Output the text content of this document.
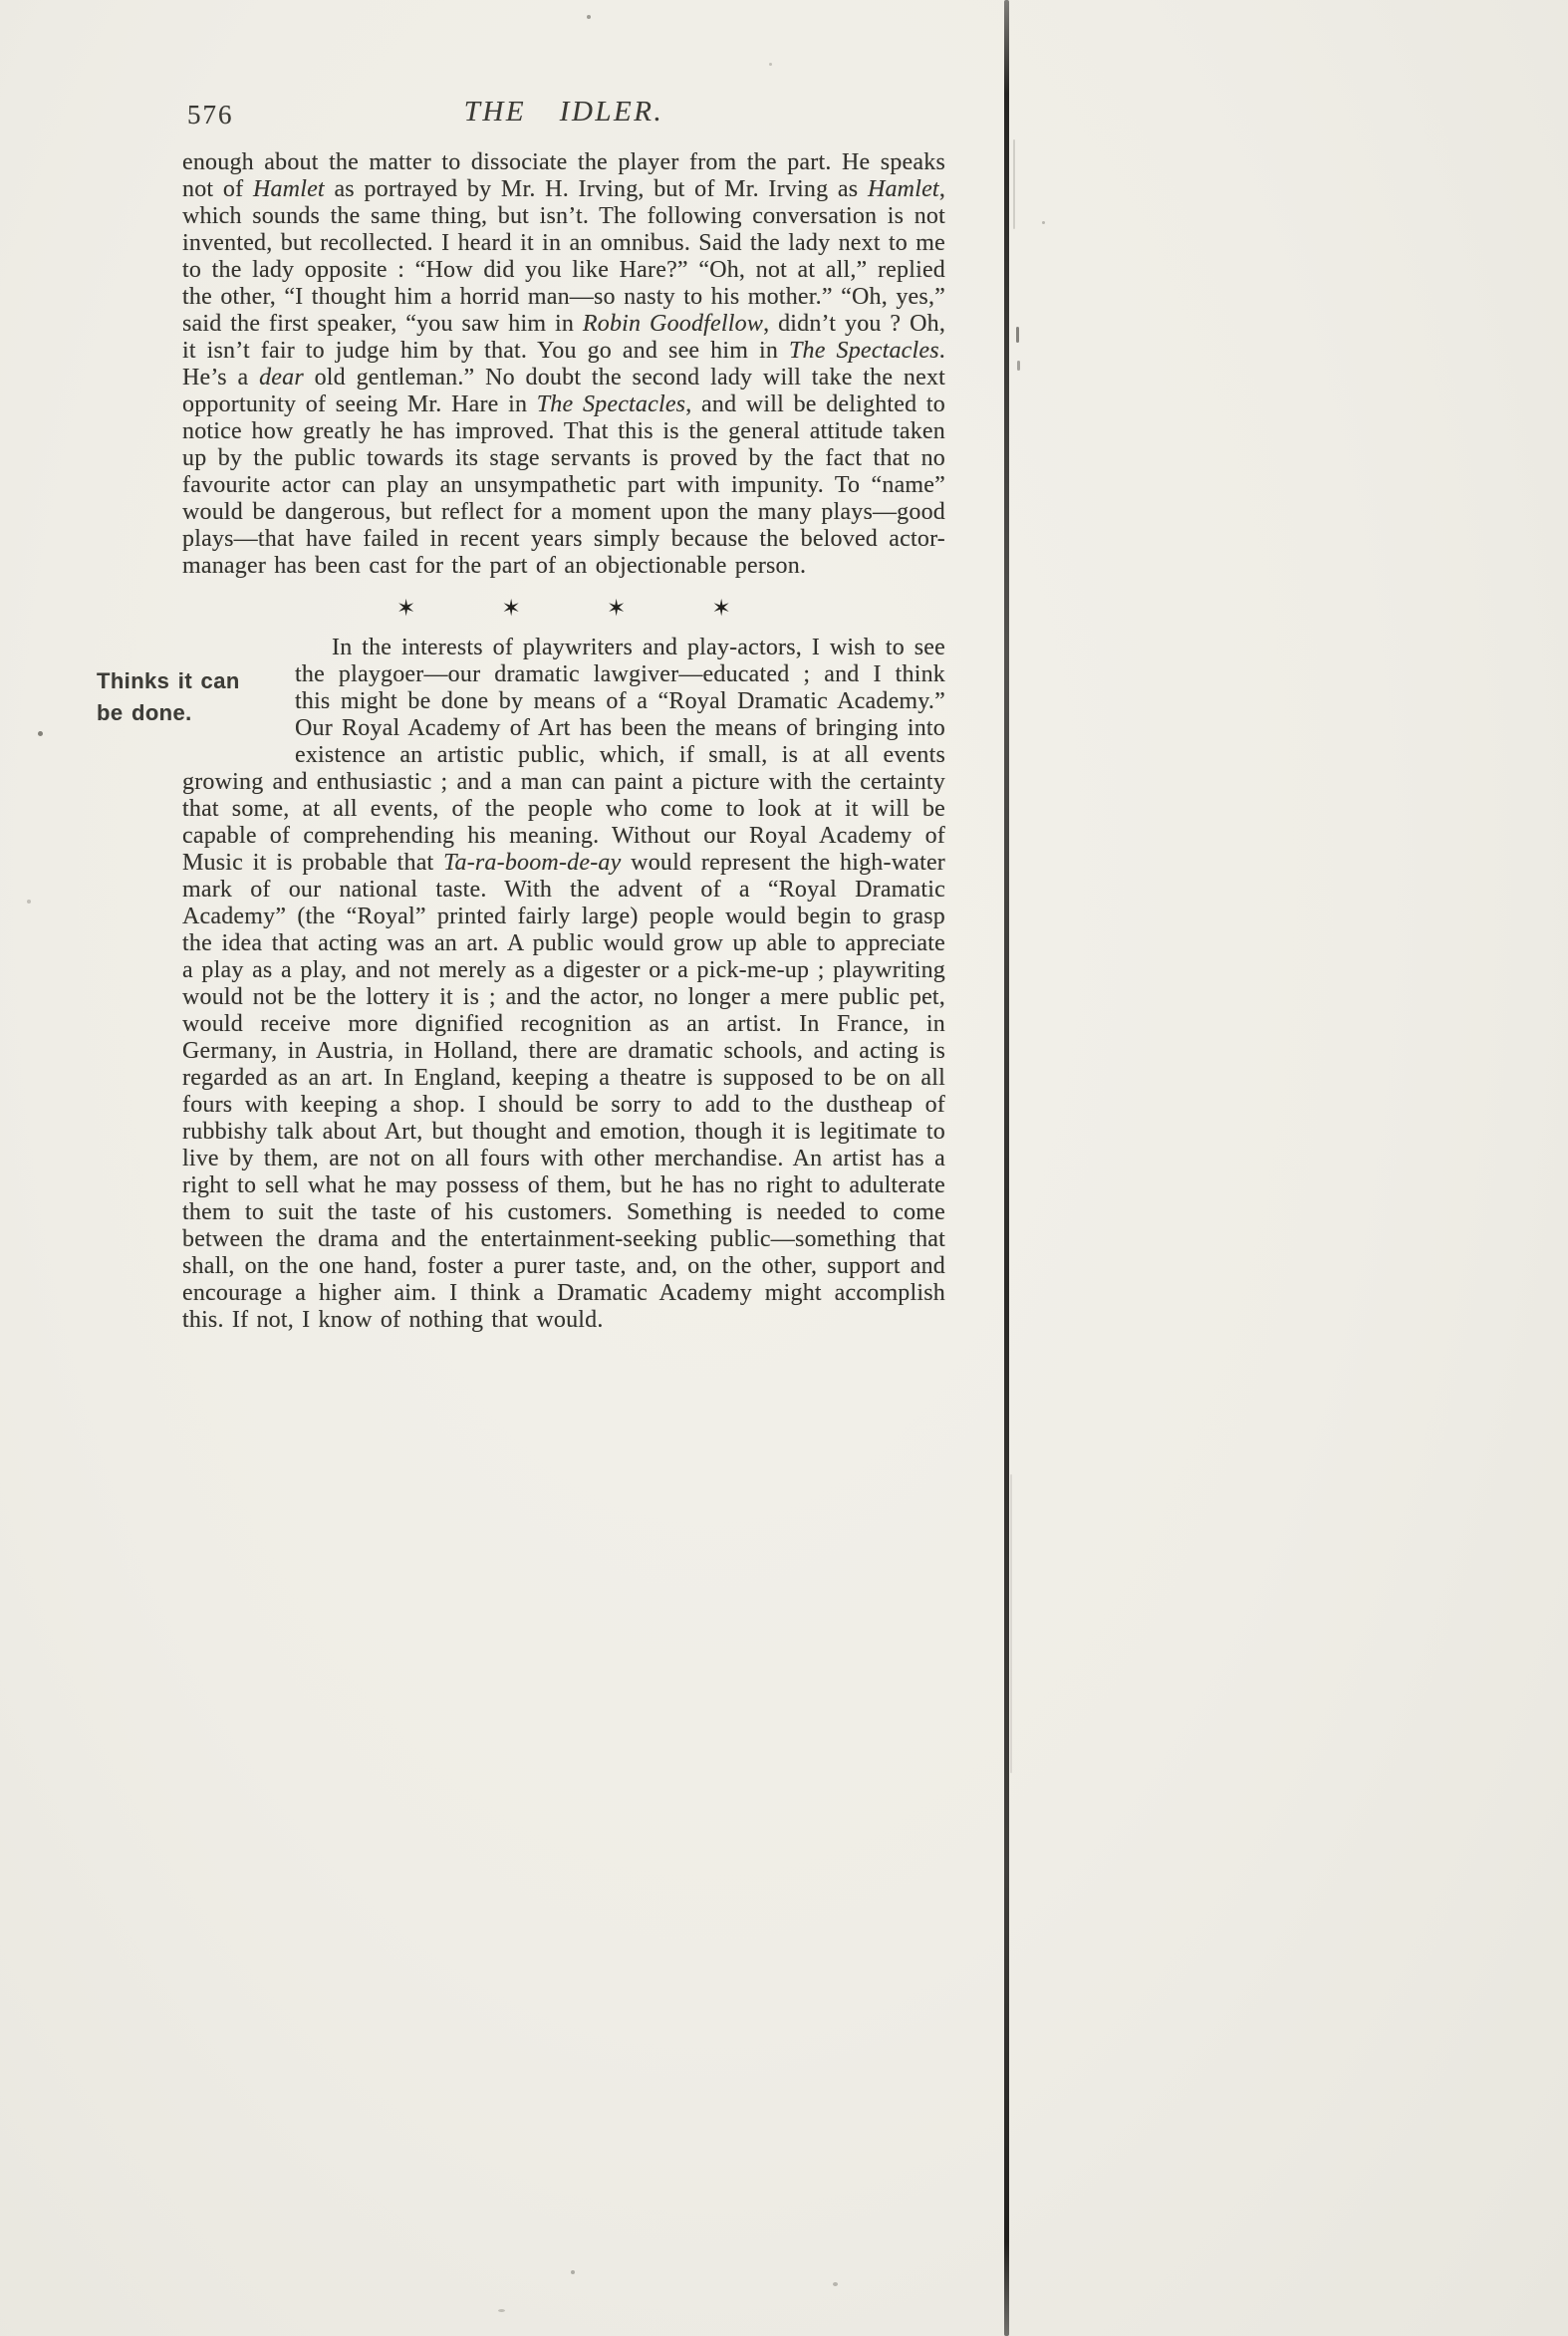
576	THE IDLER.
enough about the matter to dissociate the player from the part. He speaks not of Hamlet as portrayed by Mr. H. Irving, but of Mr. Irving as Hamlet, which sounds the same thing, but isn’t. The following conversation is not invented, but recollected. I heard it in an omnibus. Said the lady next to me to the lady opposite : “How did you like Hare?” “Oh, not at all,” replied the other, “I thought him a horrid man—so nasty to his mother.” “Oh, yes,” said the first speaker, “you saw him in Robin Goodfellow, didn’t you ? Oh, it isn’t fair to judge him by that. You go and see him in The Spectacles. He’s a dear old gentleman.” No doubt the second lady will take the next opportunity of seeing Mr. Hare in The Spectacles, and will be delighted to notice how greatly he has improved. That this is the general attitude taken up by the public towards its stage servants is proved by the fact that no favourite actor can play an unsympathetic part with impunity. To “name” would be dangerous, but reflect for a moment upon the many plays—good plays—that have failed in recent years simply because the beloved actor-manager has been cast for the part of an objectionable person.
✶	✶	✶	✶
Thinks it can be done.
In the interests of playwriters and play-actors, I wish to see the playgoer—our dramatic lawgiver—educated ; and I think this might be done by means of a “Royal Dramatic Academy.” Our Royal Academy of Art has been the means of bringing into existence an artistic public, which, if small, is at all events growing and enthusiastic ; and a man can paint a picture with the certainty that some, at all events, of the people who come to look at it will be capable of comprehending his meaning. Without our Royal Academy of Music it is probable that Ta-ra-boom-de-ay would represent the high-water mark of our national taste. With the advent of a “Royal Dramatic Academy” (the “Royal” printed fairly large) people would begin to grasp the idea that acting was an art. A public would grow up able to appreciate a play as a play, and not merely as a digester or a pick-me-up ; playwriting would not be the lottery it is ; and the actor, no longer a mere public pet, would receive more dignified recognition as an artist. In France, in Germany, in Austria, in Holland, there are dramatic schools, and acting is regarded as an art. In England, keeping a theatre is supposed to be on all fours with keeping a shop. I should be sorry to add to the dustheap of rubbishy talk about Art, but thought and emotion, though it is legitimate to live by them, are not on all fours with other merchandise. An artist has a right to sell what he may possess of them, but he has no right to adulterate them to suit the taste of his customers. Something is needed to come between the drama and the entertainment-seeking public—something that shall, on the one hand, foster a purer taste, and, on the other, support and encourage a higher aim. I think a Dramatic Academy might accomplish this. If not, I know of nothing that would.
